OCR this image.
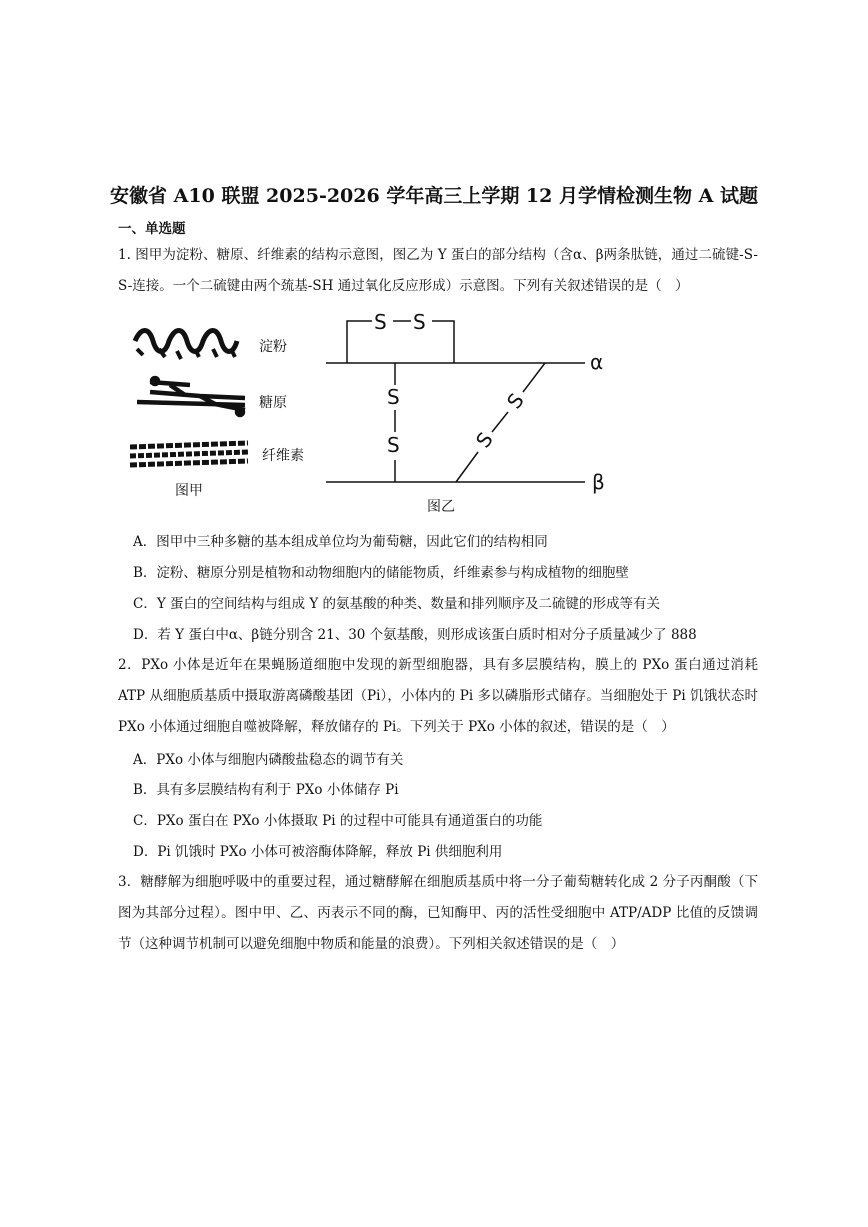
安徽省 A10 联盟 2025-2026 学年高三上学期 12 月学情检测生物 A 试题
一、单选题
1. 图甲为淀粉、糖原、纤维素的结构示意图，图乙为 Y 蛋白的部分结构（含α、β两条肽链，通过二硫键-S-S-连接。一个二硫键由两个巯基-SH 通过氧化反应形成）示意图。下列有关叙述错误的是（　）
淀粉
糖原
纤维素
图甲
S S
S
S
S
S
α
β
图乙
A．图甲中三种多糖的基本组成单位均为葡萄糖，因此它们的结构相同
B．淀粉、糖原分别是植物和动物细胞内的储能物质，纤维素参与构成植物的细胞壁
C．Y 蛋白的空间结构与组成 Y 的氨基酸的种类、数量和排列顺序及二硫键的形成等有关
D．若 Y 蛋白中α、β链分别含 21、30 个氨基酸，则形成该蛋白质时相对分子质量减少了 888
2．PXo 小体是近年在果蝇肠道细胞中发现的新型细胞器，具有多层膜结构，膜上的 PXo 蛋白通过消耗 ATP 从细胞质基质中摄取游离磷酸基团（Pi），小体内的 Pi 多以磷脂形式储存。当细胞处于 Pi 饥饿状态时 PXo 小体通过细胞自噬被降解，释放储存的 Pi。下列关于 PXo 小体的叙述，错误的是（　）
A．PXo 小体与细胞内磷酸盐稳态的调节有关
B．具有多层膜结构有利于 PXo 小体储存 Pi
C．PXo 蛋白在 PXo 小体摄取 Pi 的过程中可能具有通道蛋白的功能
D．Pi 饥饿时 PXo 小体可被溶酶体降解，释放 Pi 供细胞利用
3．糖酵解为细胞呼吸中的重要过程，通过糖酵解在细胞质基质中将一分子葡萄糖转化成 2 分子丙酮酸（下图为其部分过程）。图中甲、乙、丙表示不同的酶，已知酶甲、丙的活性受细胞中 ATP/ADP 比值的反馈调节（这种调节机制可以避免细胞中物质和能量的浪费）。下列相关叙述错误的是（　）
